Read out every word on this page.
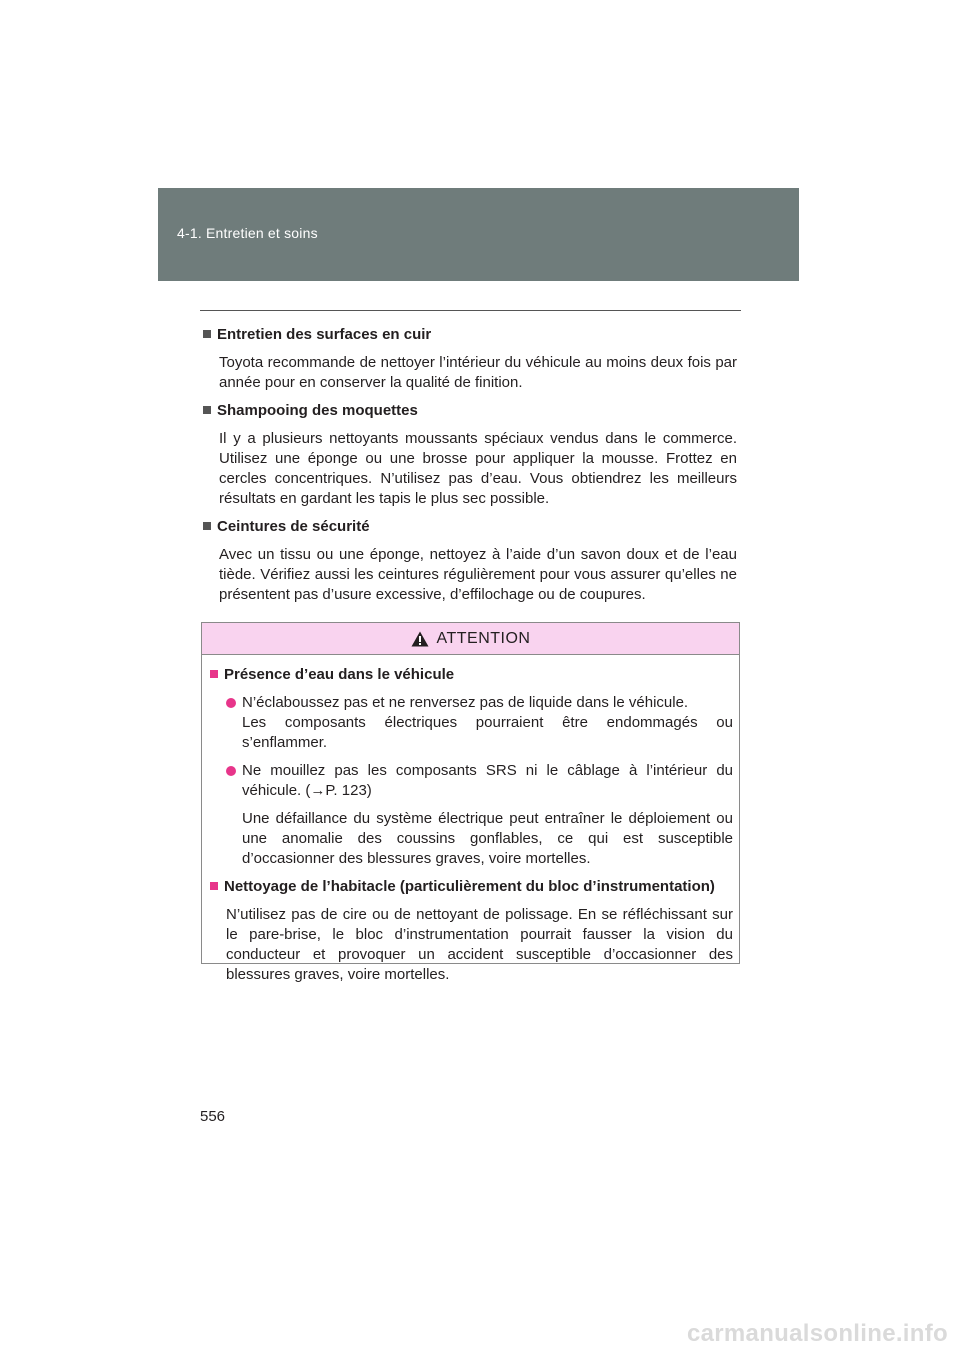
4-1. Entretien et soins
Entretien des surfaces en cuir

Toyota recommande de nettoyer l’intérieur du véhicule au moins deux fois par année pour en conserver la qualité de finition.

Shampooing des moquettes

Il y a plusieurs nettoyants moussants spéciaux vendus dans le commerce. Utilisez une éponge ou une brosse pour appliquer la mousse. Frottez en cercles concentriques. N’utilisez pas d’eau. Vous obtiendrez les meilleurs résultats en gardant les tapis le plus sec possible.

Ceintures de sécurité

Avec un tissu ou une éponge, nettoyez à l’aide d’un savon doux et de l’eau tiède. Vérifiez aussi les ceintures régulièrement pour vous assurer qu’elles ne présentent pas d’usure excessive, d’effilochage ou de coupures.

ATTENTION
Présence d’eau dans le véhicule
N’éclaboussez pas et ne renversez pas de liquide dans le véhicule.
Les composants électriques pourraient être endommagés ou s’enflammer.
Ne mouillez pas les composants SRS ni le câblage à l’intérieur du véhicule. (→P. 123)

Une défaillance du système électrique peut entraîner le déploiement ou une anomalie des coussins gonflables, ce qui est susceptible d’occasionner des blessures graves, voire mortelles.

Nettoyage de l’habitacle (particulièrement du bloc d’instrumentation)

N’utilisez pas de cire ou de nettoyant de polissage. En se réfléchissant sur le pare-brise, le bloc d’instrumentation pourrait fausser la vision du conducteur et provoquer un accident susceptible d’occasionner des blessures graves, voire mortelles.

556
carmanualsonline.info
